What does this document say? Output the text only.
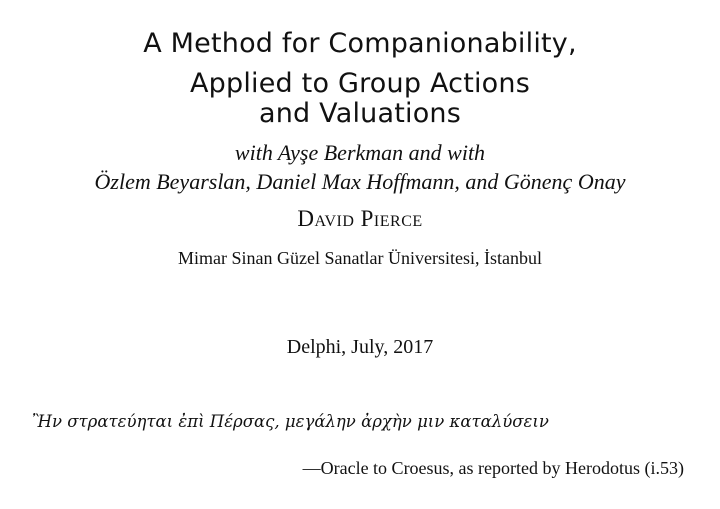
A Method for Companionability,
Applied to Group Actions
and Valuations
with Ayşe Berkman and with
Özlem Beyarslan, Daniel Max Hoffmann, and Gönenç Onay
David Pierce
Mimar Sinan Güzel Sanatlar Üniversitesi, İstanbul
Delphi, July, 2017
Ἢν στρατεύηται ἐπὶ Πέρσας, μεγάλην ἀρχὴν μιν καταλύσειν
—Oracle to Croesus, as reported by Herodotus (i.53)
